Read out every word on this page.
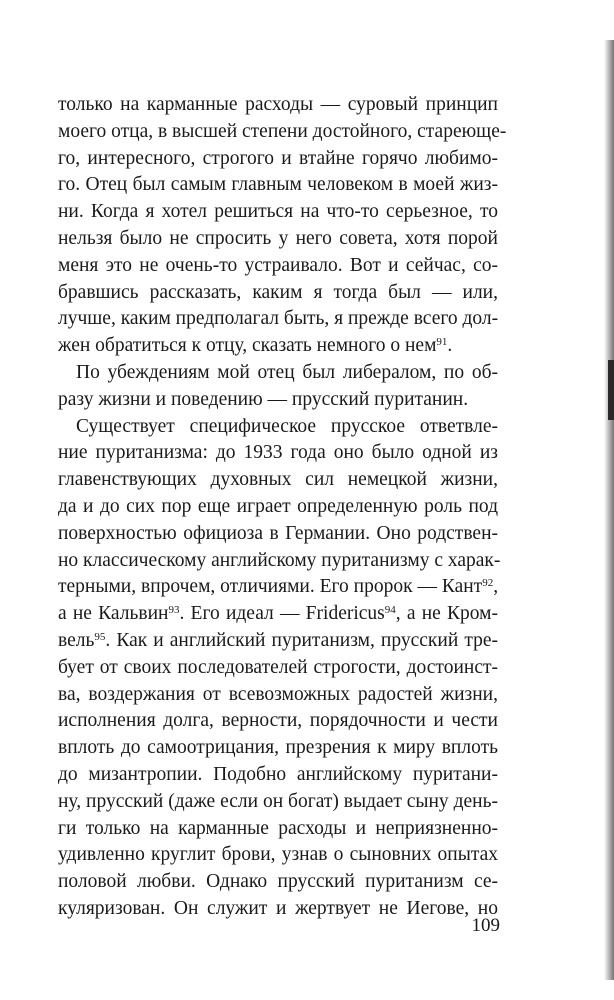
только на карманные расходы — суровый принцип
моего отца, в высшей степени достойного, стареюще-
го, интересного, строгого и втайне горячо любимо-
го. Отец был самым главным человеком в моей жиз-
ни. Когда я хотел решиться на что-то серьезное, то
нельзя было не спросить у него совета, хотя порой
меня это не очень-то устраивало. Вот и сейчас, со-
бравшись рассказать, каким я тогда был — или,
лучше, каким предполагал быть, я прежде всего дол-
жен обратиться к отцу, сказать немного о нем$^{91}$.
По убеждениям мой отец был либералом, по об-
разу жизни и поведению — прусский пуританин.
Существует специфическое прусское ответвле-
ние пуританизма: до 1933 года оно было одной из
главенствующих духовных сил немецкой жизни,
да и до сих пор еще играет определенную роль под
поверхностью официоза в Германии. Оно родствен-
но классическому английскому пуританизму с харак-
терными, впрочем, отличиями. Его пророк — Кант$^{92}$,
а не Кальвин$^{93}$. Его идеал — Fridericus$^{94}$, а не Кром-
вель$^{95}$. Как и английский пуританизм, прусский тре-
бует от своих последователей строгости, достоинст-
ва, воздержания от всевозможных радостей жизни,
исполнения долга, верности, порядочности и чести
вплоть до самоотрицания, презрения к миру вплоть
до мизантропии. Подобно английскому пуритани-
ну, прусский (даже если он богат) выдает сыну день-
ги только на карманные расходы и неприязненно-
удивленно круглит брови, узнав о сыновних опытах
половой любви. Однако прусский пуританизм се-
куляризован. Он служит и жертвует не Иегове, но
109
